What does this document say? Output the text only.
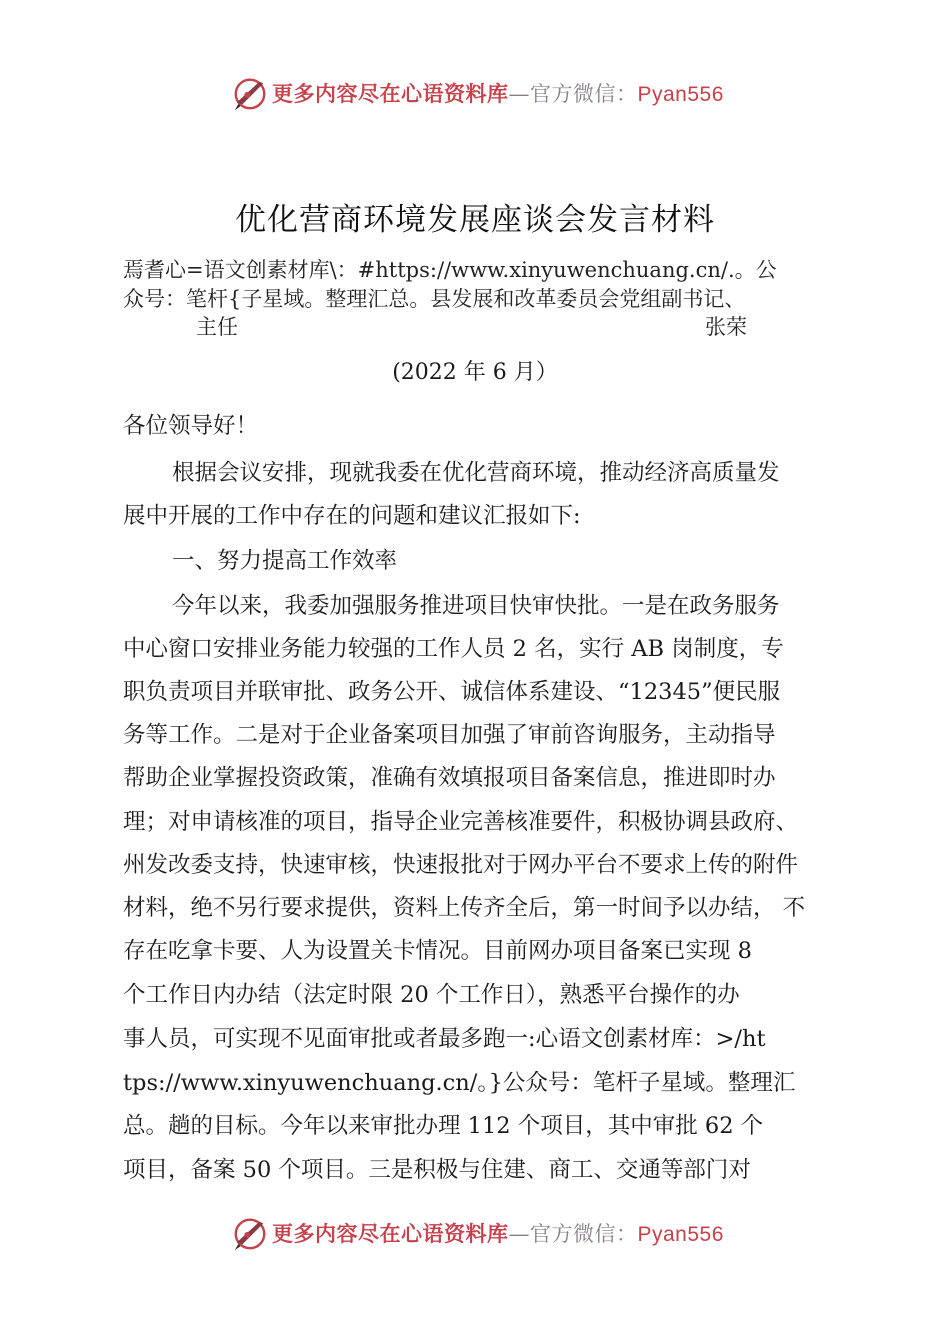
更多内容尽在心语资料库—官方微信：Pyan556
优化营商环境发展座谈会发言材料
焉耆心=语文创素材库\：#https://www.xinyuwenchuang.cn/.。公
众号：笔杆{子星域。整理汇总。县发展和改革委员会党组副书记、
主任	张荣
(2022 年 6 月）
各位领导好！
根据会议安排，现就我委在优化营商环境，推动经济高质量发
展中开展的工作中存在的问题和建议汇报如下:
一、努力提高工作效率
今年以来，我委加强服务推进项目快审快批。一是在政务服务
中心窗口安排业务能力较强的工作人员 2 名，实行 AB 岗制度，专
职负责项目并联审批、政务公开、诚信体系建设、“12345”便民服
务等工作。二是对于企业备案项目加强了审前咨询服务，主动指导
帮助企业掌握投资政策，准确有效填报项目备案信息，推进即时办
理；对申请核准的项目，指导企业完善核准要件，积极协调县政府、
州发改委支持，快速审核，快速报批对于网办平台不要求上传的附件
材料，绝不另行要求提供，资料上传齐全后，第一时间予以办结， 不
存在吃拿卡要、人为设置关卡情况。目前网办项目备案已实现 8
个工作日内办结（法定时限 20 个工作日），熟悉平台操作的办
事人员，可实现不见面审批或者最多跑一:心语文创素材库：>/ht
tps://www.xinyuwenchuang.cn/。}公众号：笔杆子星域。整理汇
总。趟的目标。今年以来审批办理 112 个项目，其中审批 62 个
项目，备案 50 个项目。三是积极与住建、商工、交通等部门对
更多内容尽在心语资料库—官方微信：Pyan556
